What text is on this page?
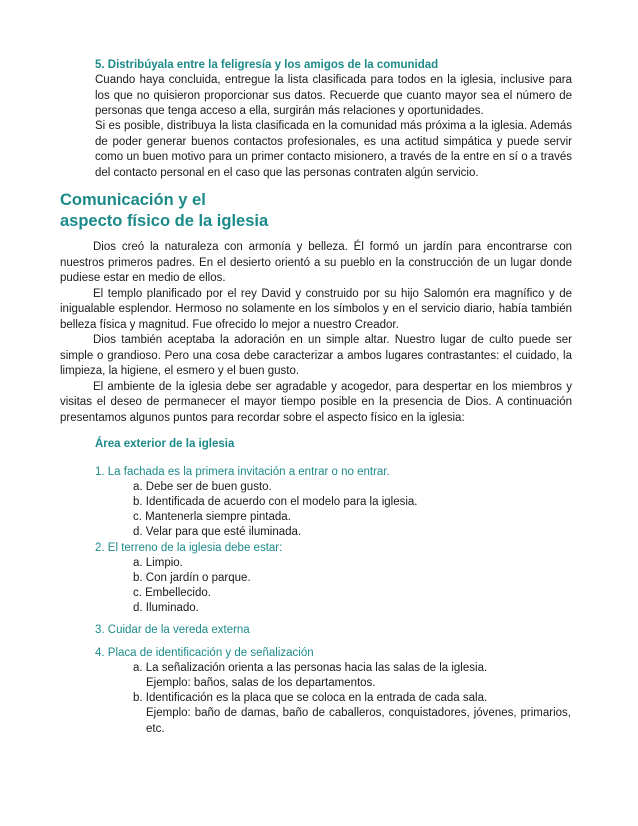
5. Distribúyala entre la feligresía y los amigos de la comunidad

Cuando haya concluida, entregue la lista clasificada para todos en la iglesia, inclusive para los que no quisieron proporcionar sus datos. Recuerde que cuanto mayor sea el número de personas que tenga acceso a ella, surgirán más relaciones y oportunidades.

Si es posible, distribuya la lista clasificada en la comunidad más próxima a la iglesia. Además de poder generar buenos contactos profesionales, es una actitud simpática y puede servir como un buen motivo para un primer contacto misionero, a través de la entre en sí o a través del contacto personal en el caso que las personas contraten algún servicio.

Comunicación y el
aspecto físico de la iglesia

Dios creó la naturaleza con armonía y belleza. Él formó un jardín para encontrarse con nuestros primeros padres. En el desierto orientó a su pueblo en la construcción de un lugar donde pudiese estar en medio de ellos.

El templo planificado por el rey David y construido por su hijo Salomón era magnífico y de inigualable esplendor. Hermoso no solamente en los símbolos y en el servicio diario, había también belleza física y magnitud. Fue ofrecido lo mejor a nuestro Creador.

Dios también aceptaba la adoración en un simple altar. Nuestro lugar de culto puede ser simple o grandioso. Pero una cosa debe caracterizar a ambos lugares contrastantes: el cuidado, la limpieza, la higiene, el esmero y el buen gusto.

El ambiente de la iglesia debe ser agradable y acogedor, para despertar en los miembros y visitas el deseo de permanecer el mayor tiempo posible en la presencia de Dios. A continuación presentamos algunos puntos para recordar sobre el aspecto físico en la iglesia:

Área exterior de la iglesia
1. La fachada es la primera invitación a entrar o no entrar.
a. Debe ser de buen gusto.
b. Identificada de acuerdo con el modelo para la iglesia.
c. Mantenerla siempre pintada.
d. Velar para que esté iluminada.
2. El terreno de la iglesia debe estar:
a. Limpio.
b. Con jardín o parque.
c. Embellecido.
d. Iluminado.
3. Cuidar de la vereda externa
4. Placa de identificación y de señalización
a. La señalización orienta a las personas hacia las salas de la iglesia.
Ejemplo: baños, salas de los departamentos.
b. Identificación es la placa que se coloca en la entrada de cada sala.
Ejemplo: baño de damas, baño de caballeros, conquistadores, jóvenes, primarios, etc.
